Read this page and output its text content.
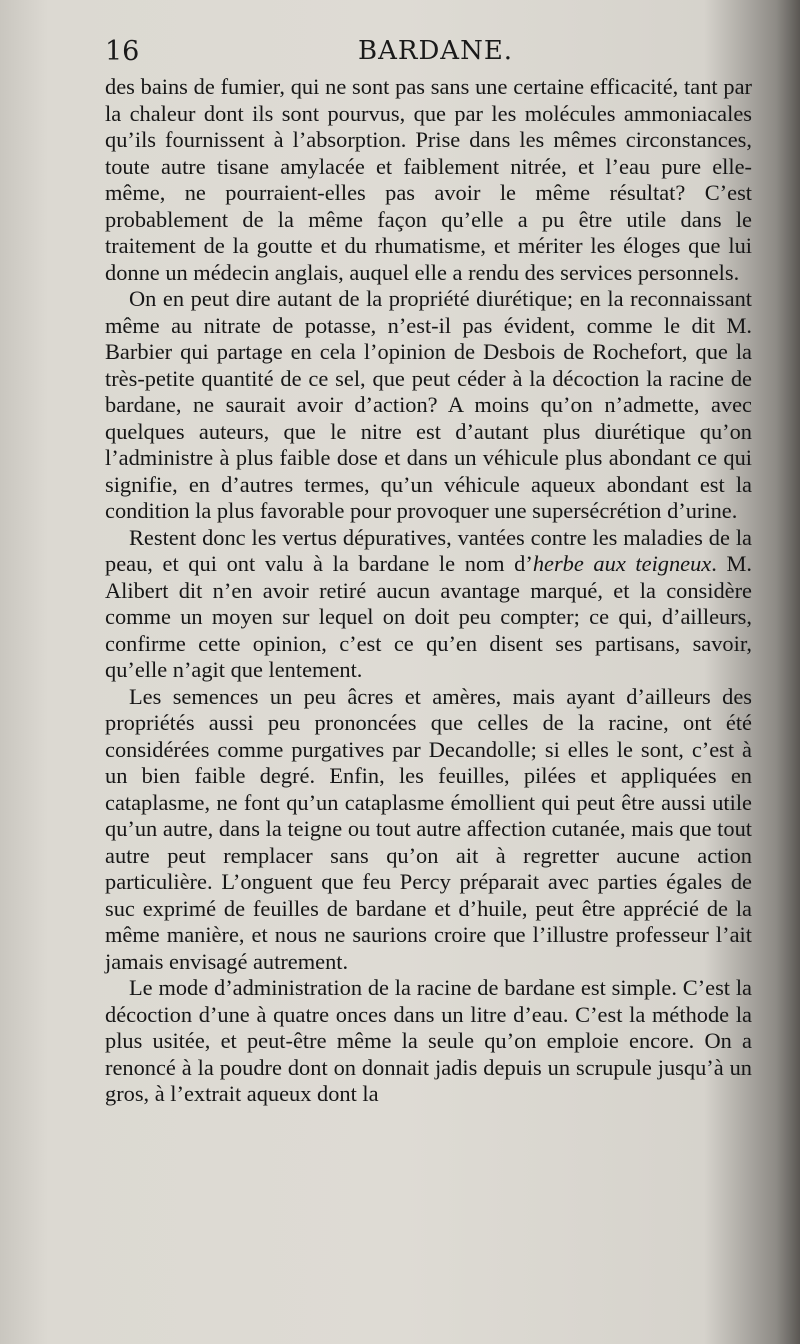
16	BARDANE.

des bains de fumier, qui ne sont pas sans une certaine efficacité, tant par la chaleur dont ils sont pourvus, que par les molécules ammoniacales qu’ils fournissent à l’absorption. Prise dans les mêmes circonstances, toute autre tisane amylacée et faiblement nitrée, et l’eau pure elle-même, ne pourraient-elles pas avoir le même résultat? C’est probablement de la même façon qu’elle a pu être utile dans le traitement de la goutte et du rhumatisme, et mériter les éloges que lui donne un médecin anglais, auquel elle a rendu des services personnels.

On en peut dire autant de la propriété diurétique; en la reconnaissant même au nitrate de potasse, n’est-il pas évident, comme le dit M. Barbier qui partage en cela l’opinion de Desbois de Rochefort, que la très-petite quantité de ce sel, que peut céder à la décoction la racine de bardane, ne saurait avoir d’action? A moins qu’on n’admette, avec quelques auteurs, que le nitre est d’autant plus diurétique qu’on l’administre à plus faible dose et dans un véhicule plus abondant ce qui signifie, en d’autres termes, qu’un véhicule aqueux abondant est la condition la plus favorable pour provoquer une supersécrétion d’urine.

Restent donc les vertus dépuratives, vantées contre les maladies de la peau, et qui ont valu à la bardane le nom d’herbe aux teigneux. M. Alibert dit n’en avoir retiré aucun avantage marqué, et la considère comme un moyen sur lequel on doit peu compter; ce qui, d’ailleurs, confirme cette opinion, c’est ce qu’en disent ses partisans, savoir, qu’elle n’agit que lentement.

Les semences un peu âcres et amères, mais ayant d’ailleurs des propriétés aussi peu prononcées que celles de la racine, ont été considérées comme purgatives par Decandolle; si elles le sont, c’est à un bien faible degré. Enfin, les feuilles, pilées et appliquées en cataplasme, ne font qu’un cataplasme émollient qui peut être aussi utile qu’un autre, dans la teigne ou tout autre affection cutanée, mais que tout autre peut remplacer sans qu’on ait à regretter aucune action particulière. L’onguent que feu Percy préparait avec parties égales de suc exprimé de feuilles de bardane et d’huile, peut être apprécié de la même manière, et nous ne saurions croire que l’illustre professeur l’ait jamais envisagé autrement.

Le mode d’administration de la racine de bardane est simple. C’est la décoction d’une à quatre onces dans un litre d’eau. C’est la méthode la plus usitée, et peut-être même la seule qu’on emploie encore. On a renoncé à la poudre dont on donnait jadis depuis un scrupule jusqu’à un gros, à l’extrait aqueux dont la
